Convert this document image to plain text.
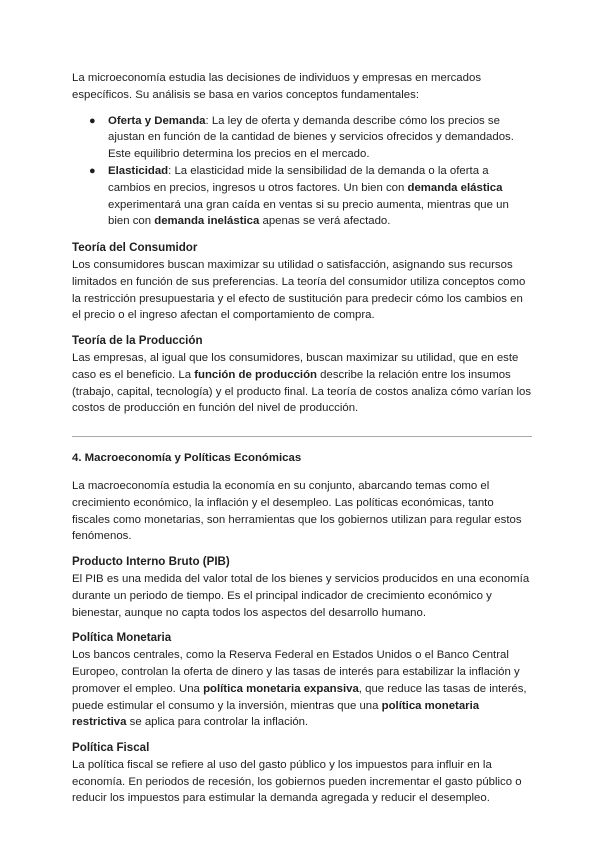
La microeconomía estudia las decisiones de individuos y empresas en mercados específicos. Su análisis se basa en varios conceptos fundamentales:

● Oferta y Demanda: La ley de oferta y demanda describe cómo los precios se ajustan en función de la cantidad de bienes y servicios ofrecidos y demandados. Este equilibrio determina los precios en el mercado.
● Elasticidad: La elasticidad mide la sensibilidad de la demanda o la oferta a cambios en precios, ingresos u otros factores. Un bien con demanda elástica experimentará una gran caída en ventas si su precio aumenta, mientras que un bien con demanda inelástica apenas se verá afectado.
Teoría del Consumidor

Los consumidores buscan maximizar su utilidad o satisfacción, asignando sus recursos limitados en función de sus preferencias. La teoría del consumidor utiliza conceptos como la restricción presupuestaria y el efecto de sustitución para predecir cómo los cambios en el precio o el ingreso afectan el comportamiento de compra.

Teoría de la Producción

Las empresas, al igual que los consumidores, buscan maximizar su utilidad, que en este caso es el beneficio. La función de producción describe la relación entre los insumos (trabajo, capital, tecnología) y el producto final. La teoría de costos analiza cómo varían los costos de producción en función del nivel de producción.

4. Macroeconomía y Políticas Económicas

La macroeconomía estudia la economía en su conjunto, abarcando temas como el crecimiento económico, la inflación y el desempleo. Las políticas económicas, tanto fiscales como monetarias, son herramientas que los gobiernos utilizan para regular estos fenómenos.

Producto Interno Bruto (PIB)

El PIB es una medida del valor total de los bienes y servicios producidos en una economía durante un periodo de tiempo. Es el principal indicador de crecimiento económico y bienestar, aunque no capta todos los aspectos del desarrollo humano.

Política Monetaria

Los bancos centrales, como la Reserva Federal en Estados Unidos o el Banco Central Europeo, controlan la oferta de dinero y las tasas de interés para estabilizar la inflación y promover el empleo. Una política monetaria expansiva, que reduce las tasas de interés, puede estimular el consumo y la inversión, mientras que una política monetaria restrictiva se aplica para controlar la inflación.

Política Fiscal

La política fiscal se refiere al uso del gasto público y los impuestos para influir en la economía. En periodos de recesión, los gobiernos pueden incrementar el gasto público o reducir los impuestos para estimular la demanda agregada y reducir el desempleo.
